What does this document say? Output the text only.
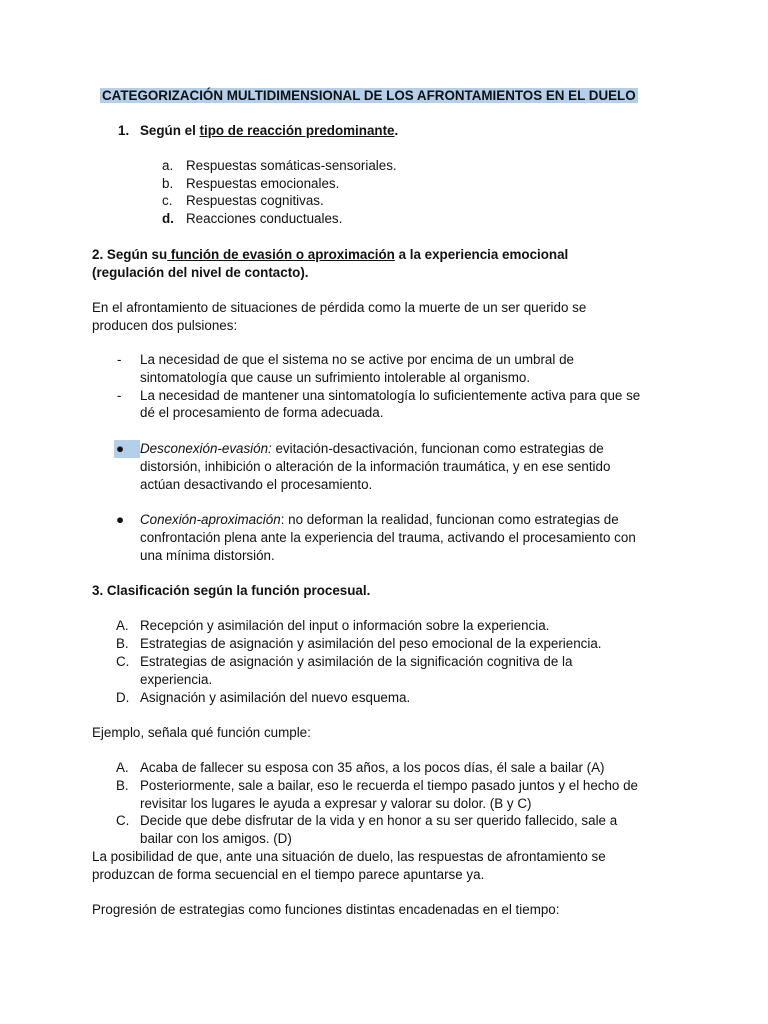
CATEGORIZACIÓN MULTIDIMENSIONAL DE LOS AFRONTAMIENTOS EN EL DUELO
1. Según el tipo de reacción predominante.
a. Respuestas somáticas-sensoriales.
b. Respuestas emocionales.
c. Respuestas cognitivas.
d. Reacciones conductuales.
2. Según su función de evasión o aproximación a la experiencia emocional
(regulación del nivel de contacto).
En el afrontamiento de situaciones de pérdida como la muerte de un ser querido se
producen dos pulsiones:
- La necesidad de que el sistema no se active por encima de un umbral de
sintomatología que cause un sufrimiento intolerable al organismo.
- La necesidad de mantener una sintomatología lo suficientemente activa para que se
dé el procesamiento de forma adecuada.
●	Desconexión-evasión: evitación-desactivación, funcionan como estrategias de
distorsión, inhibición o alteración de la información traumática, y en ese sentido
actúan desactivando el procesamiento.
● Conexión-aproximación: no deforman la realidad, funcionan como estrategias de
confrontación plena ante la experiencia del trauma, activando el procesamiento con
una mínima distorsión.
3. Clasificación según la función procesual.
A. Recepción y asimilación del input o información sobre la experiencia.
B. Estrategias de asignación y asimilación del peso emocional de la experiencia.
C. Estrategias de asignación y asimilación de la significación cognitiva de la
experiencia.
D. Asignación y asimilación del nuevo esquema.
Ejemplo, señala qué función cumple:
A. Acaba de fallecer su esposa con 35 años, a los pocos días, él sale a bailar (A)
B. Posteriormente, sale a bailar, eso le recuerda el tiempo pasado juntos y el hecho de
revisitar los lugares le ayuda a expresar y valorar su dolor. (B y C)
C. Decide que debe disfrutar de la vida y en honor a su ser querido fallecido, sale a
bailar con los amigos. (D)
La posibilidad de que, ante una situación de duelo, las respuestas de afrontamiento se
produzcan de forma secuencial en el tiempo parece apuntarse ya.
Progresión de estrategias como funciones distintas encadenadas en el tiempo:
